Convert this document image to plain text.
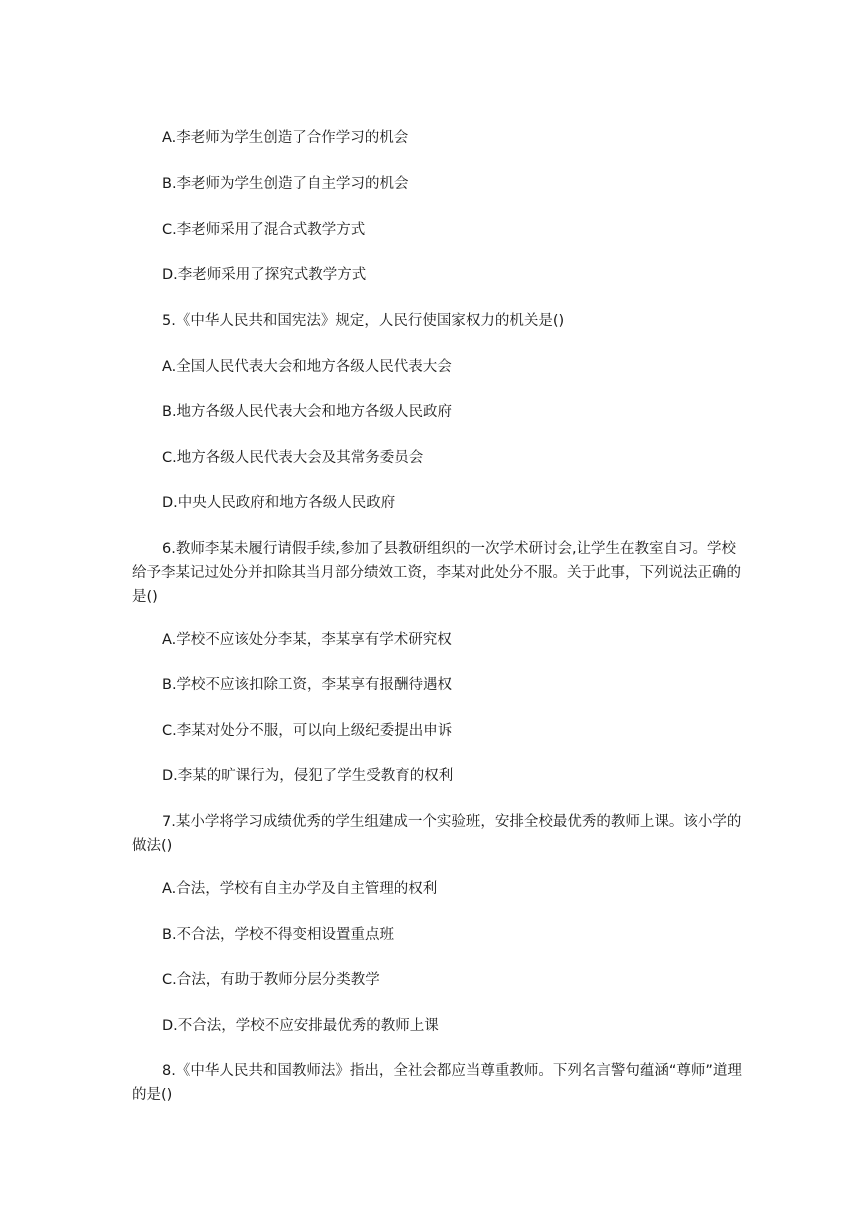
A.李老师为学生创造了合作学习的机会
B.李老师为学生创造了自主学习的机会
C.李老师采用了混合式教学方式
D.李老师采用了探究式教学方式
5.《中华人民共和国宪法》规定，人民行使国家权力的机关是()
A.全国人民代表大会和地方各级人民代表大会
B.地方各级人民代表大会和地方各级人民政府
C.地方各级人民代表大会及其常务委员会
D.中央人民政府和地方各级人民政府
6.教师李某未履行请假手续,参加了县教研组织的一次学术研讨会,让学生在教室自习。学校给予李某记过处分并扣除其当月部分绩效工资，李某对此处分不服。关于此事，下列说法正确的是()
A.学校不应该处分李某，李某享有学术研究权
B.学校不应该扣除工资，李某享有报酬待遇权
C.李某对处分不服，可以向上级纪委提出申诉
D.李某的旷课行为，侵犯了学生受教育的权利
7.某小学将学习成绩优秀的学生组建成一个实验班，安排全校最优秀的教师上课。该小学的做法()
A.合法，学校有自主办学及自主管理的权利
B.不合法，学校不得变相设置重点班
C.合法，有助于教师分层分类教学
D.不合法，学校不应安排最优秀的教师上课
8.《中华人民共和国教师法》指出，全社会都应当尊重教师。下列名言警句蕴涵“尊师”道理的是()
